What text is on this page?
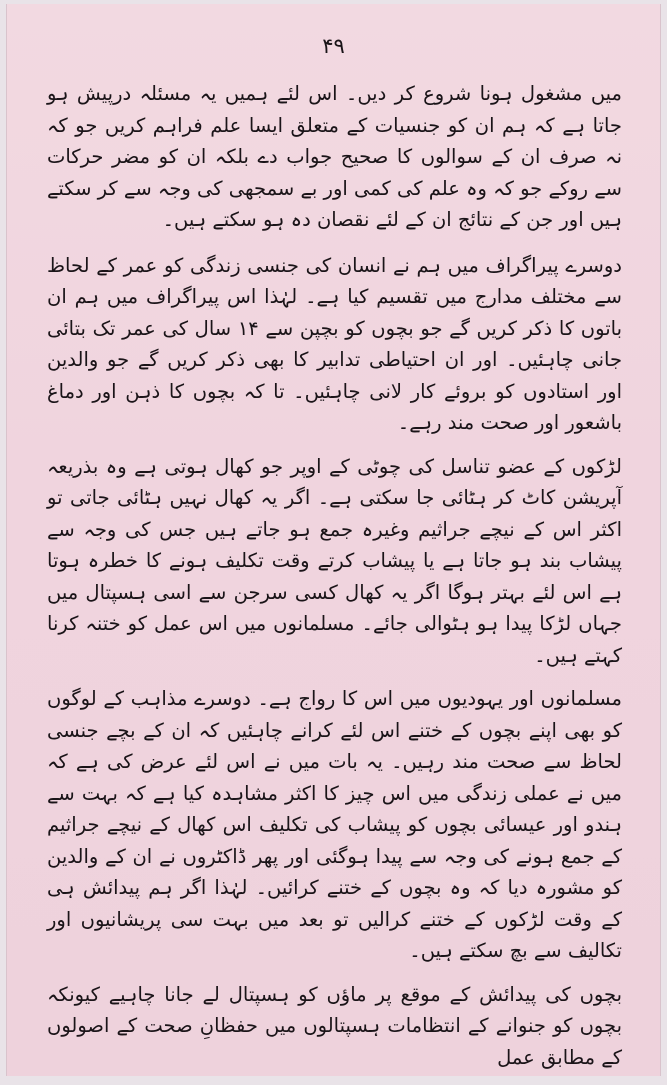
۴۹

میں مشغول ہونا شروع کر دیں۔ اس لئے ہمیں یہ مسئلہ درپیش ہو جاتا ہے کہ ہم ان کو جنسیات کے متعلق ایسا علم فراہم کریں جو کہ نہ صرف ان کے سوالوں کا صحیح جواب دے بلکہ ان کو مضر حرکات سے روکے جو کہ وہ علم کی کمی اور بے سمجھی کی وجہ سے کر سکتے ہیں اور جن کے نتائج ان کے لئے نقصان دہ ہو سکتے ہیں۔

دوسرے پیراگراف میں ہم نے انسان کی جنسی زندگی کو عمر کے لحاظ سے مختلف مدارج میں تقسیم کیا ہے۔ لہٰذا اس پیراگراف میں ہم ان باتوں کا ذکر کریں گے جو بچوں کو بچپن سے ۱۴ سال کی عمر تک بتائی جانی چاہئیں۔ اور ان احتیاطی تدابیر کا بھی ذکر کریں گے جو والدین اور استادوں کو بروئے کار لانی چاہئیں۔ تا کہ بچوں کا ذہن اور دماغ باشعور اور صحت مند رہے۔

لڑکوں کے عضو تناسل کی چوٹی کے اوپر جو کھال ہوتی ہے وہ بذریعہ آپریشن کاٹ کر ہٹائی جا سکتی ہے۔ اگر یہ کھال نہیں ہٹائی جاتی تو اکثر اس کے نیچے جراثیم وغیرہ جمع ہو جاتے ہیں جس کی وجہ سے پیشاب بند ہو جاتا ہے یا پیشاب کرتے وقت تکلیف ہونے کا خطرہ ہوتا ہے اس لئے بہتر ہوگا اگر یہ کھال کسی سرجن سے اسی ہسپتال میں جہاں لڑکا پیدا ہو ہٹوالی جائے۔ مسلمانوں میں اس عمل کو ختنہ کرنا کہتے ہیں۔

مسلمانوں اور یہودیوں میں اس کا رواج ہے۔ دوسرے مذاہب کے لوگوں کو بھی اپنے بچوں کے ختنے اس لئے کرانے چاہئیں کہ ان کے بچے جنسی لحاظ سے صحت مند رہیں۔ یہ بات میں نے اس لئے عرض کی ہے کہ میں نے عملی زندگی میں اس چیز کا اکثر مشاہدہ کیا ہے کہ بہت سے ہندو اور عیسائی بچوں کو پیشاب کی تکلیف اس کھال کے نیچے جراثیم کے جمع ہونے کی وجہ سے پیدا ہوگئی اور پھر ڈاکٹروں نے ان کے والدین کو مشورہ دیا کہ وہ بچوں کے ختنے کرائیں۔ لہٰذا اگر ہم پیدائش ہی کے وقت لڑکوں کے ختنے کرالیں تو بعد میں بہت سی پریشانیوں اور تکالیف سے بچ سکتے ہیں۔

بچوں کی پیدائش کے موقع پر ماؤں کو ہسپتال لے جانا چاہیے کیونکہ بچوں کو جنوانے کے انتظامات ہسپتالوں میں حفظانِ صحت کے اصولوں کے مطابق عمل
